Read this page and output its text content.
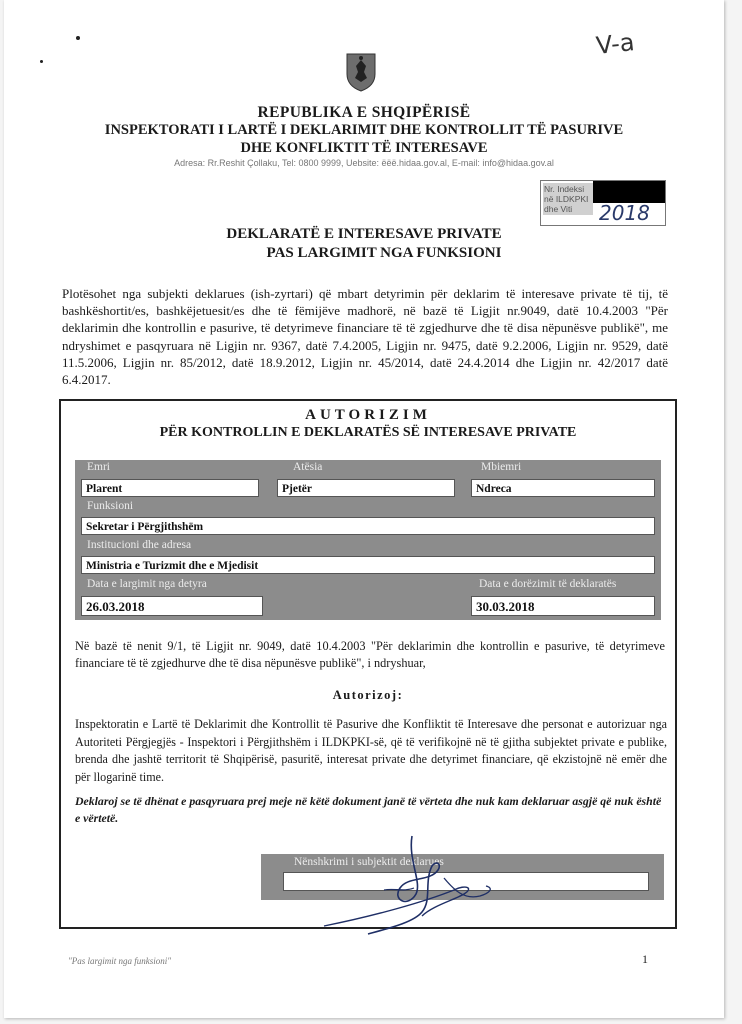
V-a
REPUBLIKA E SHQIPËRISË
INSPEKTORATI I LARTË I DEKLARIMIT DHE KONTROLLIT TË PASURIVE
DHE KONFLIKTIT TË INTERESAVE
Adresa: Rr.Reshit Çollaku, Tel: 0800 9999, Uebsite: ëëë.hidaa.gov.al, E-mail: info@hidaa.gov.al
Nr. Indeksi në ILDKPKI dhe Viti	2018
DEKLARATË E INTERESAVE PRIVATE
PAS LARGIMIT NGA FUNKSIONI
Plotësohet nga subjekti deklarues (ish-zyrtari) që mbart detyrimin për deklarim të interesave private të tij, të bashkëshortit/es, bashkëjetuesit/es dhe të fëmijëve madhorë, në bazë të Ligjit nr.9049, datë 10.4.2003 "Për deklarimin dhe kontrollin e pasurive, të detyrimeve financiare të të zgjedhurve dhe të disa nëpunësve publikë", me ndryshimet e pasqyruara në Ligjin nr. 9367, datë 7.4.2005, Ligjin nr. 9475, datë 9.2.2006, Ligjin nr. 9529, datë 11.5.2006, Ligjin nr. 85/2012, datë 18.9.2012, Ligjin nr. 45/2014, datë 24.4.2014 dhe Ligjin nr. 42/2017 datë 6.4.2017.
AUTORIZIM
PËR KONTROLLIN E DEKLARATËS SË INTERESAVE PRIVATE
Emri	Atësia	Mbiemri
Plarent	Pjetër	Ndreca
Funksioni
Sekretar i Përgjithshëm
Institucioni dhe adresa
Ministria e Turizmit dhe e Mjedisit
Data e largimit nga detyra	Data e dorëzimit të deklaratës
26.03.2018	30.03.2018
Në bazë të nenit 9/1, të Ligjit nr. 9049, datë 10.4.2003 "Për deklarimin dhe kontrollin e pasurive, të detyrimeve financiare të të zgjedhurve dhe të disa nëpunësve publikë", i ndryshuar,
Autorizoj:
Inspektoratin e Lartë të Deklarimit dhe Kontrollit të Pasurive dhe Konfliktit të Interesave dhe personat e autorizuar nga Autoriteti Përgjegjës - Inspektori i Përgjithshëm i ILDKPKI-së, që të verifikojnë në të gjitha subjektet private e publike, brenda dhe jashtë territorit të Shqipërisë, pasuritë, interesat private dhe detyrimet financiare, që ekzistojnë në emër dhe për llogarinë time.
Deklaroj se të dhënat e pasqyruara prej meje në këtë dokument janë të vërteta dhe nuk kam deklaruar asgjë që nuk është e vërtetë.
Nënshkrimi i subjektit deklarues
"Pas largimit nga funksioni"	1
